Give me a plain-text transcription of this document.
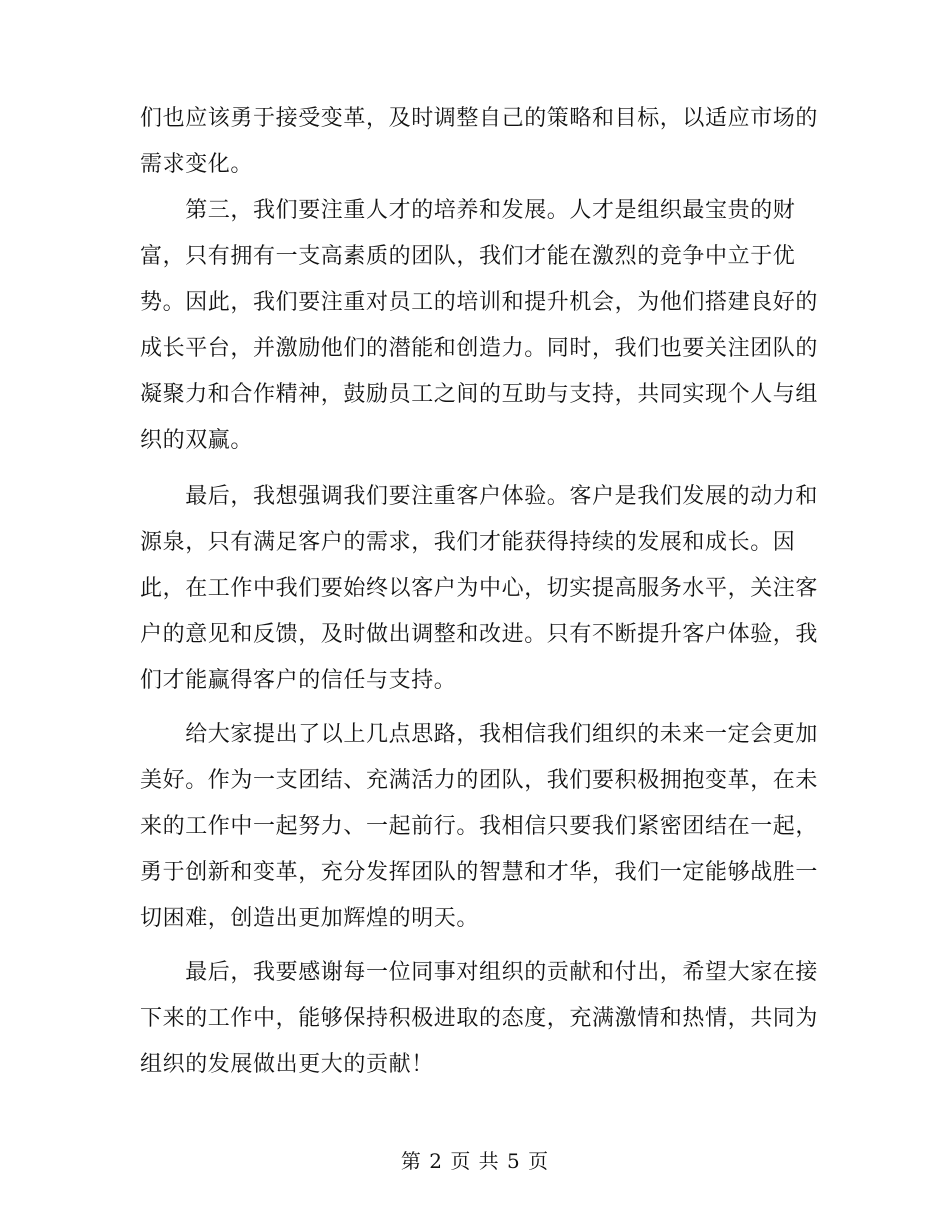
们也应该勇于接受变革，及时调整自己的策略和目标，以适应市场的
需求变化。
　　第三，我们要注重人才的培养和发展。人才是组织最宝贵的财
富，只有拥有一支高素质的团队，我们才能在激烈的竞争中立于优
势。因此，我们要注重对员工的培训和提升机会，为他们搭建良好的
成长平台，并激励他们的潜能和创造力。同时，我们也要关注团队的
凝聚力和合作精神，鼓励员工之间的互助与支持，共同实现个人与组
织的双赢。
　　最后，我想强调我们要注重客户体验。客户是我们发展的动力和
源泉，只有满足客户的需求，我们才能获得持续的发展和成长。因
此，在工作中我们要始终以客户为中心，切实提高服务水平，关注客
户的意见和反馈，及时做出调整和改进。只有不断提升客户体验，我
们才能赢得客户的信任与支持。
　　给大家提出了以上几点思路，我相信我们组织的未来一定会更加
美好。作为一支团结、充满活力的团队，我们要积极拥抱变革，在未
来的工作中一起努力、一起前行。我相信只要我们紧密团结在一起，
勇于创新和变革，充分发挥团队的智慧和才华，我们一定能够战胜一
切困难，创造出更加辉煌的明天。
　　最后，我要感谢每一位同事对组织的贡献和付出，希望大家在接
下来的工作中，能够保持积极进取的态度，充满激情和热情，共同为
组织的发展做出更大的贡献！
第 2 页 共 5 页
